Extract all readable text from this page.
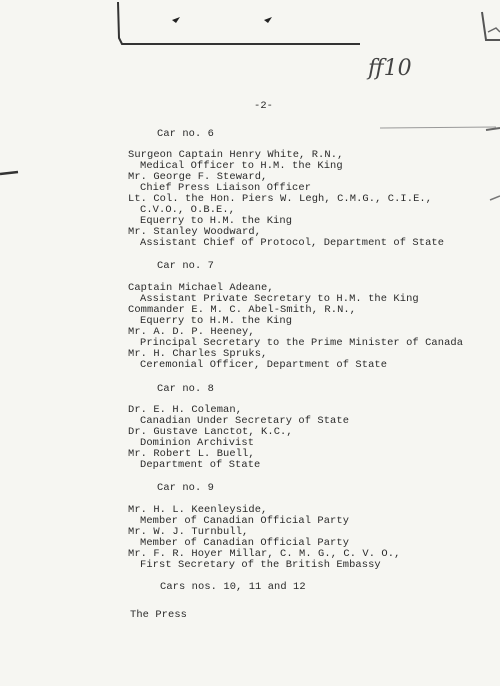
ff10
-2-
Car no. 6
Surgeon Captain Henry White, R.N.,
Medical Officer to H.M. the King
Mr. George F. Steward,
Chief Press Liaison Officer
Lt. Col. the Hon. Piers W. Legh, C.M.G., C.I.E.,
C.V.O., O.B.E.,
Equerry to H.M. the King
Mr. Stanley Woodward,
Assistant Chief of Protocol, Department of State
Car no. 7
Captain Michael Adeane,
Assistant Private Secretary to H.M. the King
Commander E. M. C. Abel-Smith, R.N.,
Equerry to H.M. the King
Mr. A. D. P. Heeney,
Principal Secretary to the Prime Minister of Canada
Mr. H. Charles Spruks,
Ceremonial Officer, Department of State
Car no. 8
Dr. E. H. Coleman,
Canadian Under Secretary of State
Dr. Gustave Lanctot, K.C.,
Dominion Archivist
Mr. Robert L. Buell,
Department of State
Car no. 9
Mr. H. L. Keenleyside,
Member of Canadian Official Party
Mr. W. J. Turnbull,
Member of Canadian Official Party
Mr. F. R. Hoyer Millar, C. M. G., C. V. O.,
First Secretary of the British Embassy
Cars nos. 10, 11 and 12
The Press
